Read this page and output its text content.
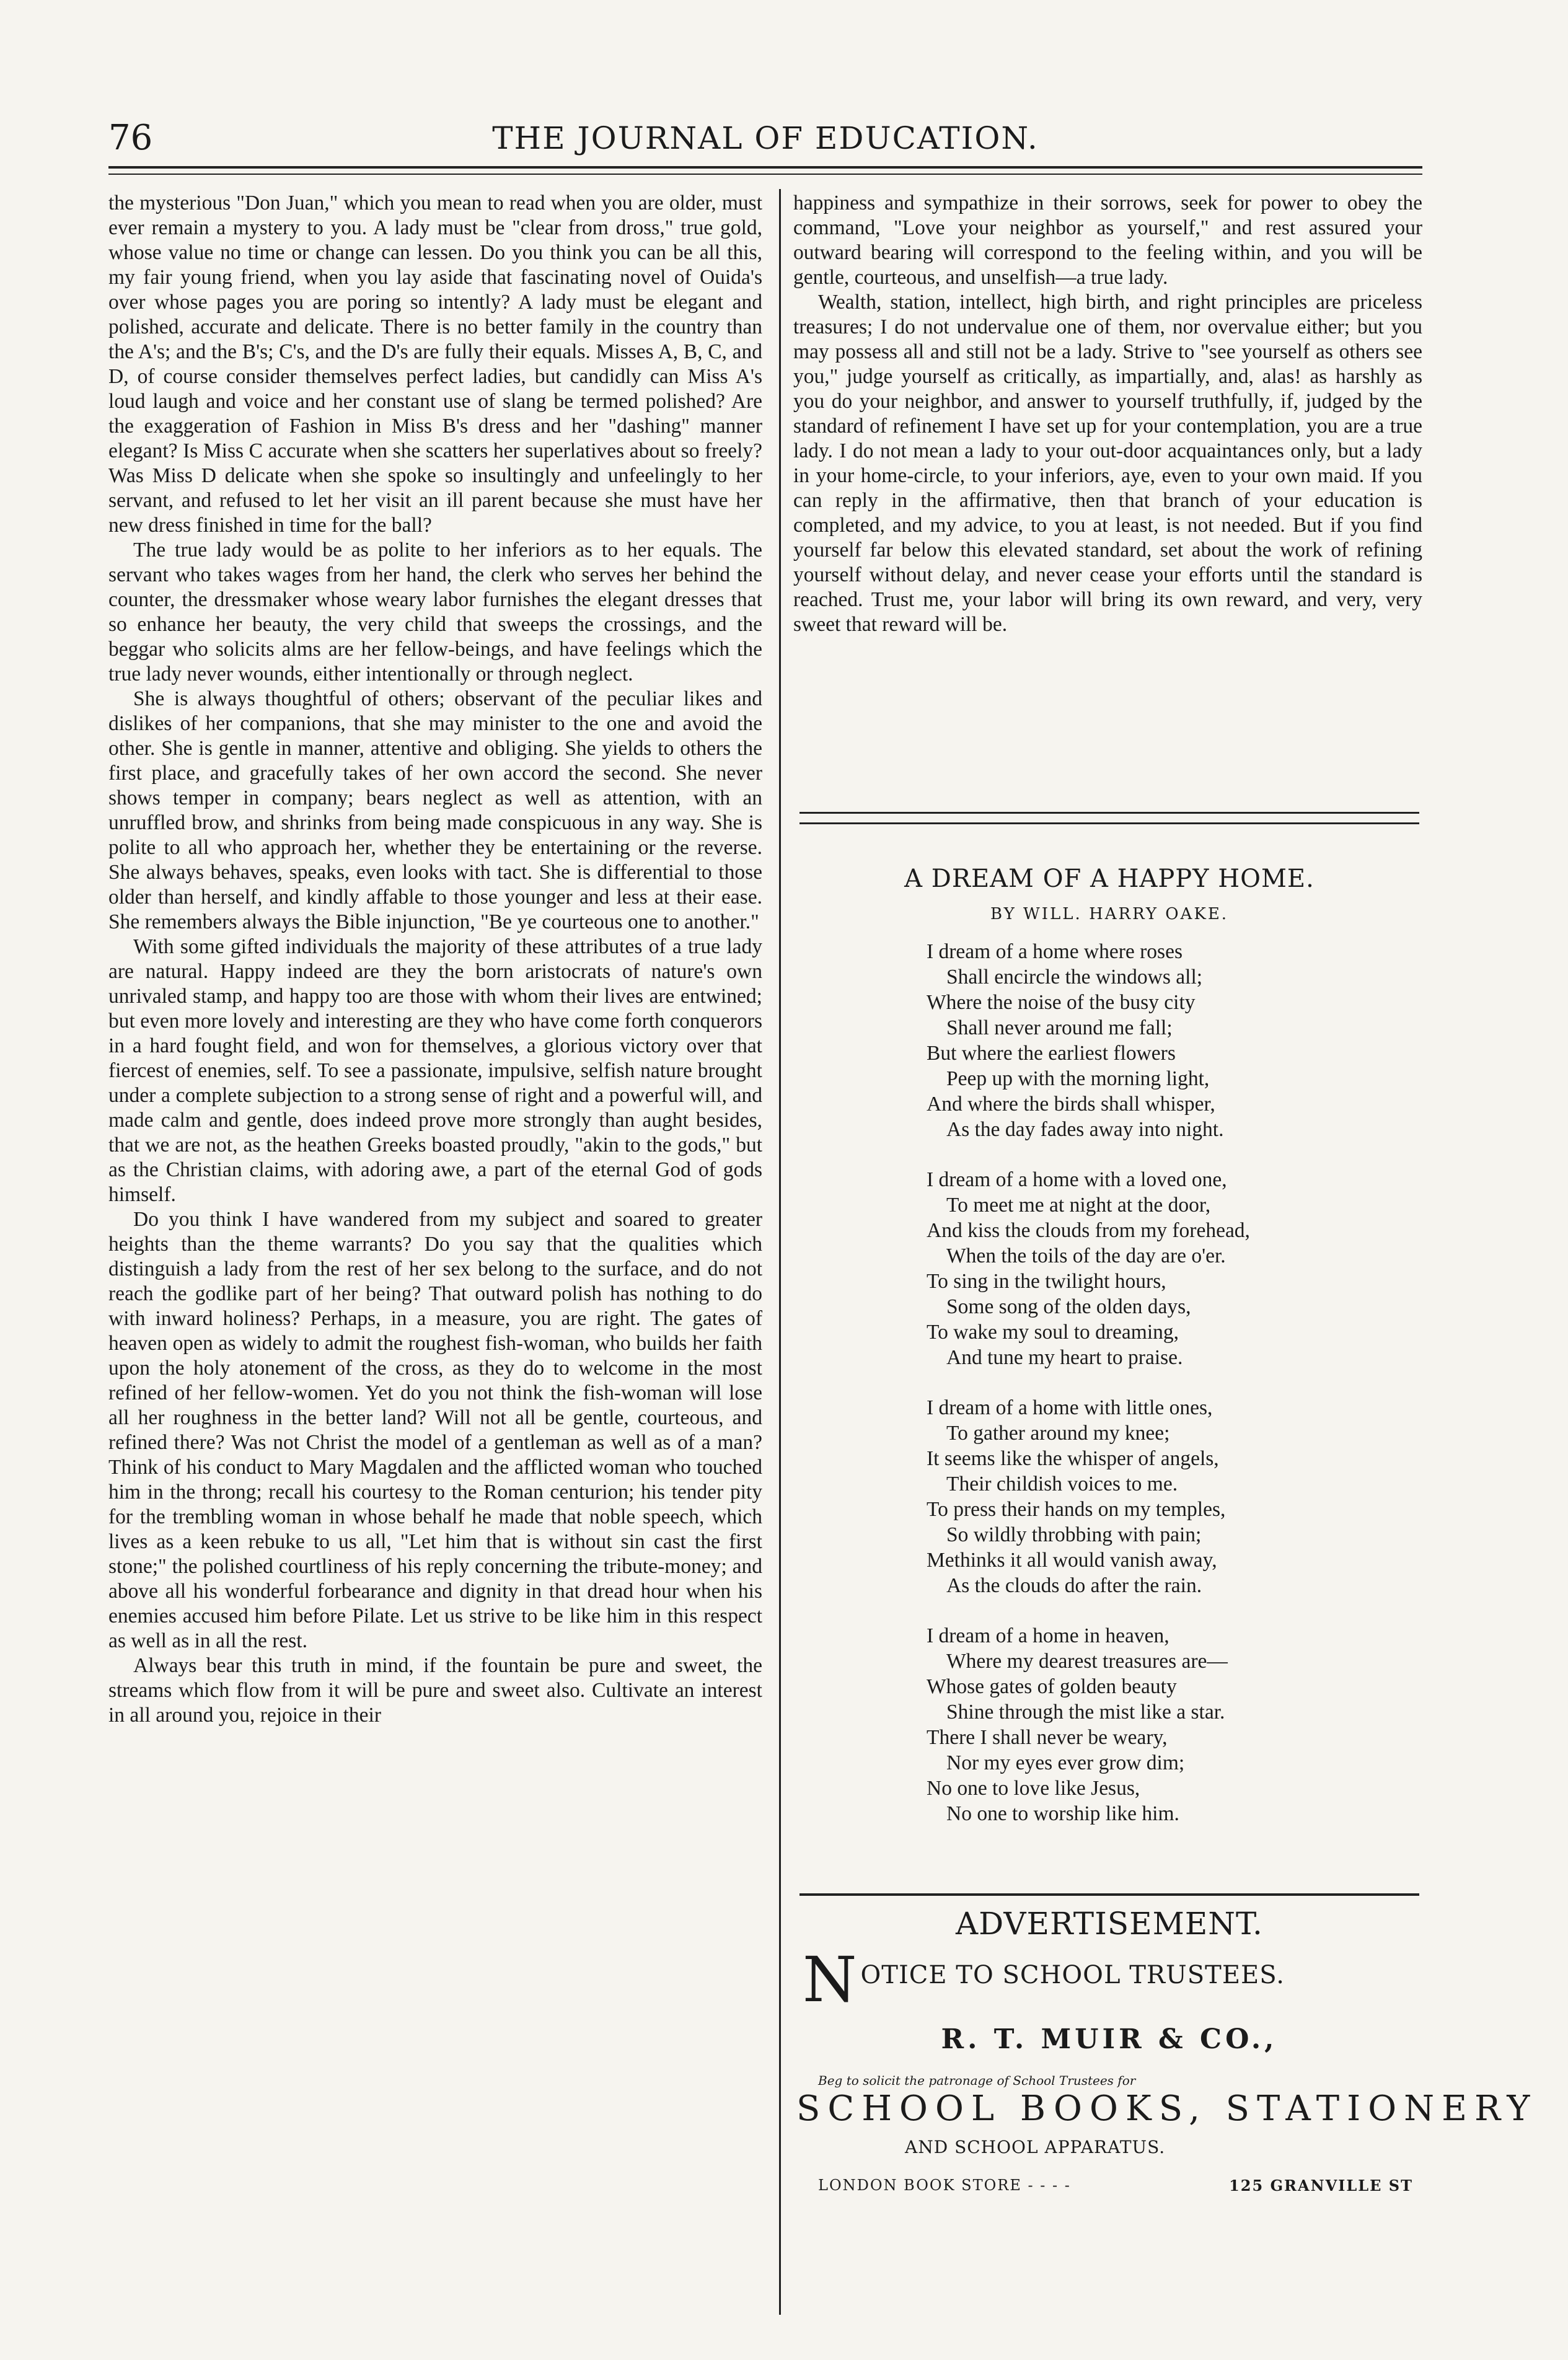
76	THE JOURNAL OF EDUCATION.

the mysterious "Don Juan," which you mean to read when you are older, must ever remain a mystery to you. A lady must be "clear from dross," true gold, whose value no time or change can lessen. Do you think you can be all this, my fair young friend, when you lay aside that fascinating novel of Ouida's over whose pages you are poring so intently? A lady must be elegant and polished, accurate and delicate. There is no better family in the country than the A's; and the B's; C's, and the D's are fully their equals. Misses A, B, C, and D, of course consider themselves perfect ladies, but candidly can Miss A's loud laugh and voice and her constant use of slang be termed polished? Are the exaggeration of Fashion in Miss B's dress and her "dashing" manner elegant? Is Miss C accurate when she scatters her superlatives about so freely? Was Miss D delicate when she spoke so insultingly and unfeelingly to her servant, and refused to let her visit an ill parent because she must have her new dress finished in time for the ball?

The true lady would be as polite to her inferiors as to her equals. The servant who takes wages from her hand, the clerk who serves her behind the counter, the dressmaker whose weary labor furnishes the elegant dresses that so enhance her beauty, the very child that sweeps the crossings, and the beggar who solicits alms are her fellow-beings, and have feelings which the true lady never wounds, either intentionally or through neglect.

She is always thoughtful of others; observant of the peculiar likes and dislikes of her companions, that she may minister to the one and avoid the other. She is gentle in manner, attentive and obliging. She yields to others the first place, and gracefully takes of her own accord the second. She never shows temper in company; bears neglect as well as attention, with an unruffled brow, and shrinks from being made conspicuous in any way. She is polite to all who approach her, whether they be entertaining or the reverse. She always behaves, speaks, even looks with tact. She is differential to those older than herself, and kindly affable to those younger and less at their ease. She remembers always the Bible injunction, "Be ye courteous one to another."

With some gifted individuals the majority of these attributes of a true lady are natural. Happy indeed are they the born aristocrats of nature's own unrivaled stamp, and happy too are those with whom their lives are entwined; but even more lovely and interesting are they who have come forth conquerors in a hard fought field, and won for themselves, a glorious victory over that fiercest of enemies, self. To see a passionate, impulsive, selfish nature brought under a complete subjection to a strong sense of right and a powerful will, and made calm and gentle, does indeed prove more strongly than aught besides, that we are not, as the heathen Greeks boasted proudly, "akin to the gods," but as the Christian claims, with adoring awe, a part of the eternal God of gods himself.

Do you think I have wandered from my subject and soared to greater heights than the theme warrants? Do you say that the qualities which distinguish a lady from the rest of her sex belong to the surface, and do not reach the godlike part of her being? That outward polish has nothing to do with inward holiness? Perhaps, in a measure, you are right. The gates of heaven open as widely to admit the roughest fish-woman, who builds her faith upon the holy atonement of the cross, as they do to welcome in the most refined of her fellow-women. Yet do you not think the fish-woman will lose all her roughness in the better land? Will not all be gentle, courteous, and refined there? Was not Christ the model of a gentleman as well as of a man? Think of his conduct to Mary Magdalen and the afflicted woman who touched him in the throng; recall his courtesy to the Roman centurion; his tender pity for the trembling woman in whose behalf he made that noble speech, which lives as a keen rebuke to us all, "Let him that is without sin cast the first stone;" the polished courtliness of his reply concerning the tribute-money; and above all his wonderful forbearance and dignity in that dread hour when his enemies accused him before Pilate. Let us strive to be like him in this respect as well as in all the rest.

Always bear this truth in mind, if the fountain be pure and sweet, the streams which flow from it will be pure and sweet also. Cultivate an interest in all around you, rejoice in their

happiness and sympathize in their sorrows, seek for power to obey the command, "Love your neighbor as yourself," and rest assured your outward bearing will correspond to the feeling within, and you will be gentle, courteous, and unselfish—a true lady.

Wealth, station, intellect, high birth, and right principles are priceless treasures; I do not undervalue one of them, nor overvalue either; but you may possess all and still not be a lady. Strive to "see yourself as others see you," judge yourself as critically, as impartially, and, alas! as harshly as you do your neighbor, and answer to yourself truthfully, if, judged by the standard of refinement I have set up for your contemplation, you are a true lady. I do not mean a lady to your out-door acquaintances only, but a lady in your home-circle, to your inferiors, aye, even to your own maid. If you can reply in the affirmative, then that branch of your education is completed, and my advice, to you at least, is not needed. But if you find yourself far below this elevated standard, set about the work of refining yourself without delay, and never cease your efforts until the standard is reached. Trust me, your labor will bring its own reward, and very, very sweet that reward will be.

A DREAM OF A HAPPY HOME.
BY WILL. HARRY OAKE.
I dream of a home where roses
Shall encircle the windows all;
Where the noise of the busy city
Shall never around me fall;
But where the earliest flowers
Peep up with the morning light,
And where the birds shall whisper,
As the day fades away into night.
I dream of a home with a loved one,
To meet me at night at the door,
And kiss the clouds from my forehead,
When the toils of the day are o'er.
To sing in the twilight hours,
Some song of the olden days,
To wake my soul to dreaming,
And tune my heart to praise.
I dream of a home with little ones,
To gather around my knee;
It seems like the whisper of angels,
Their childish voices to me.
To press their hands on my temples,
So wildly throbbing with pain;
Methinks it all would vanish away,
As the clouds do after the rain.
I dream of a home in heaven,
Where my dearest treasures are—
Whose gates of golden beauty
Shine through the mist like a star.
There I shall never be weary,
Nor my eyes ever grow dim;
No one to love like Jesus,
No one to worship like him.
ADVERTISEMENT.
N OTICE TO SCHOOL TRUSTEES.
R. T. MUIR & CO.,
Beg to solicit the patronage of School Trustees for
SCHOOL BOOKS, STATIONERY
AND SCHOOL APPARATUS.
LONDON BOOK STORE - - - -	125 GRANVILLE ST
